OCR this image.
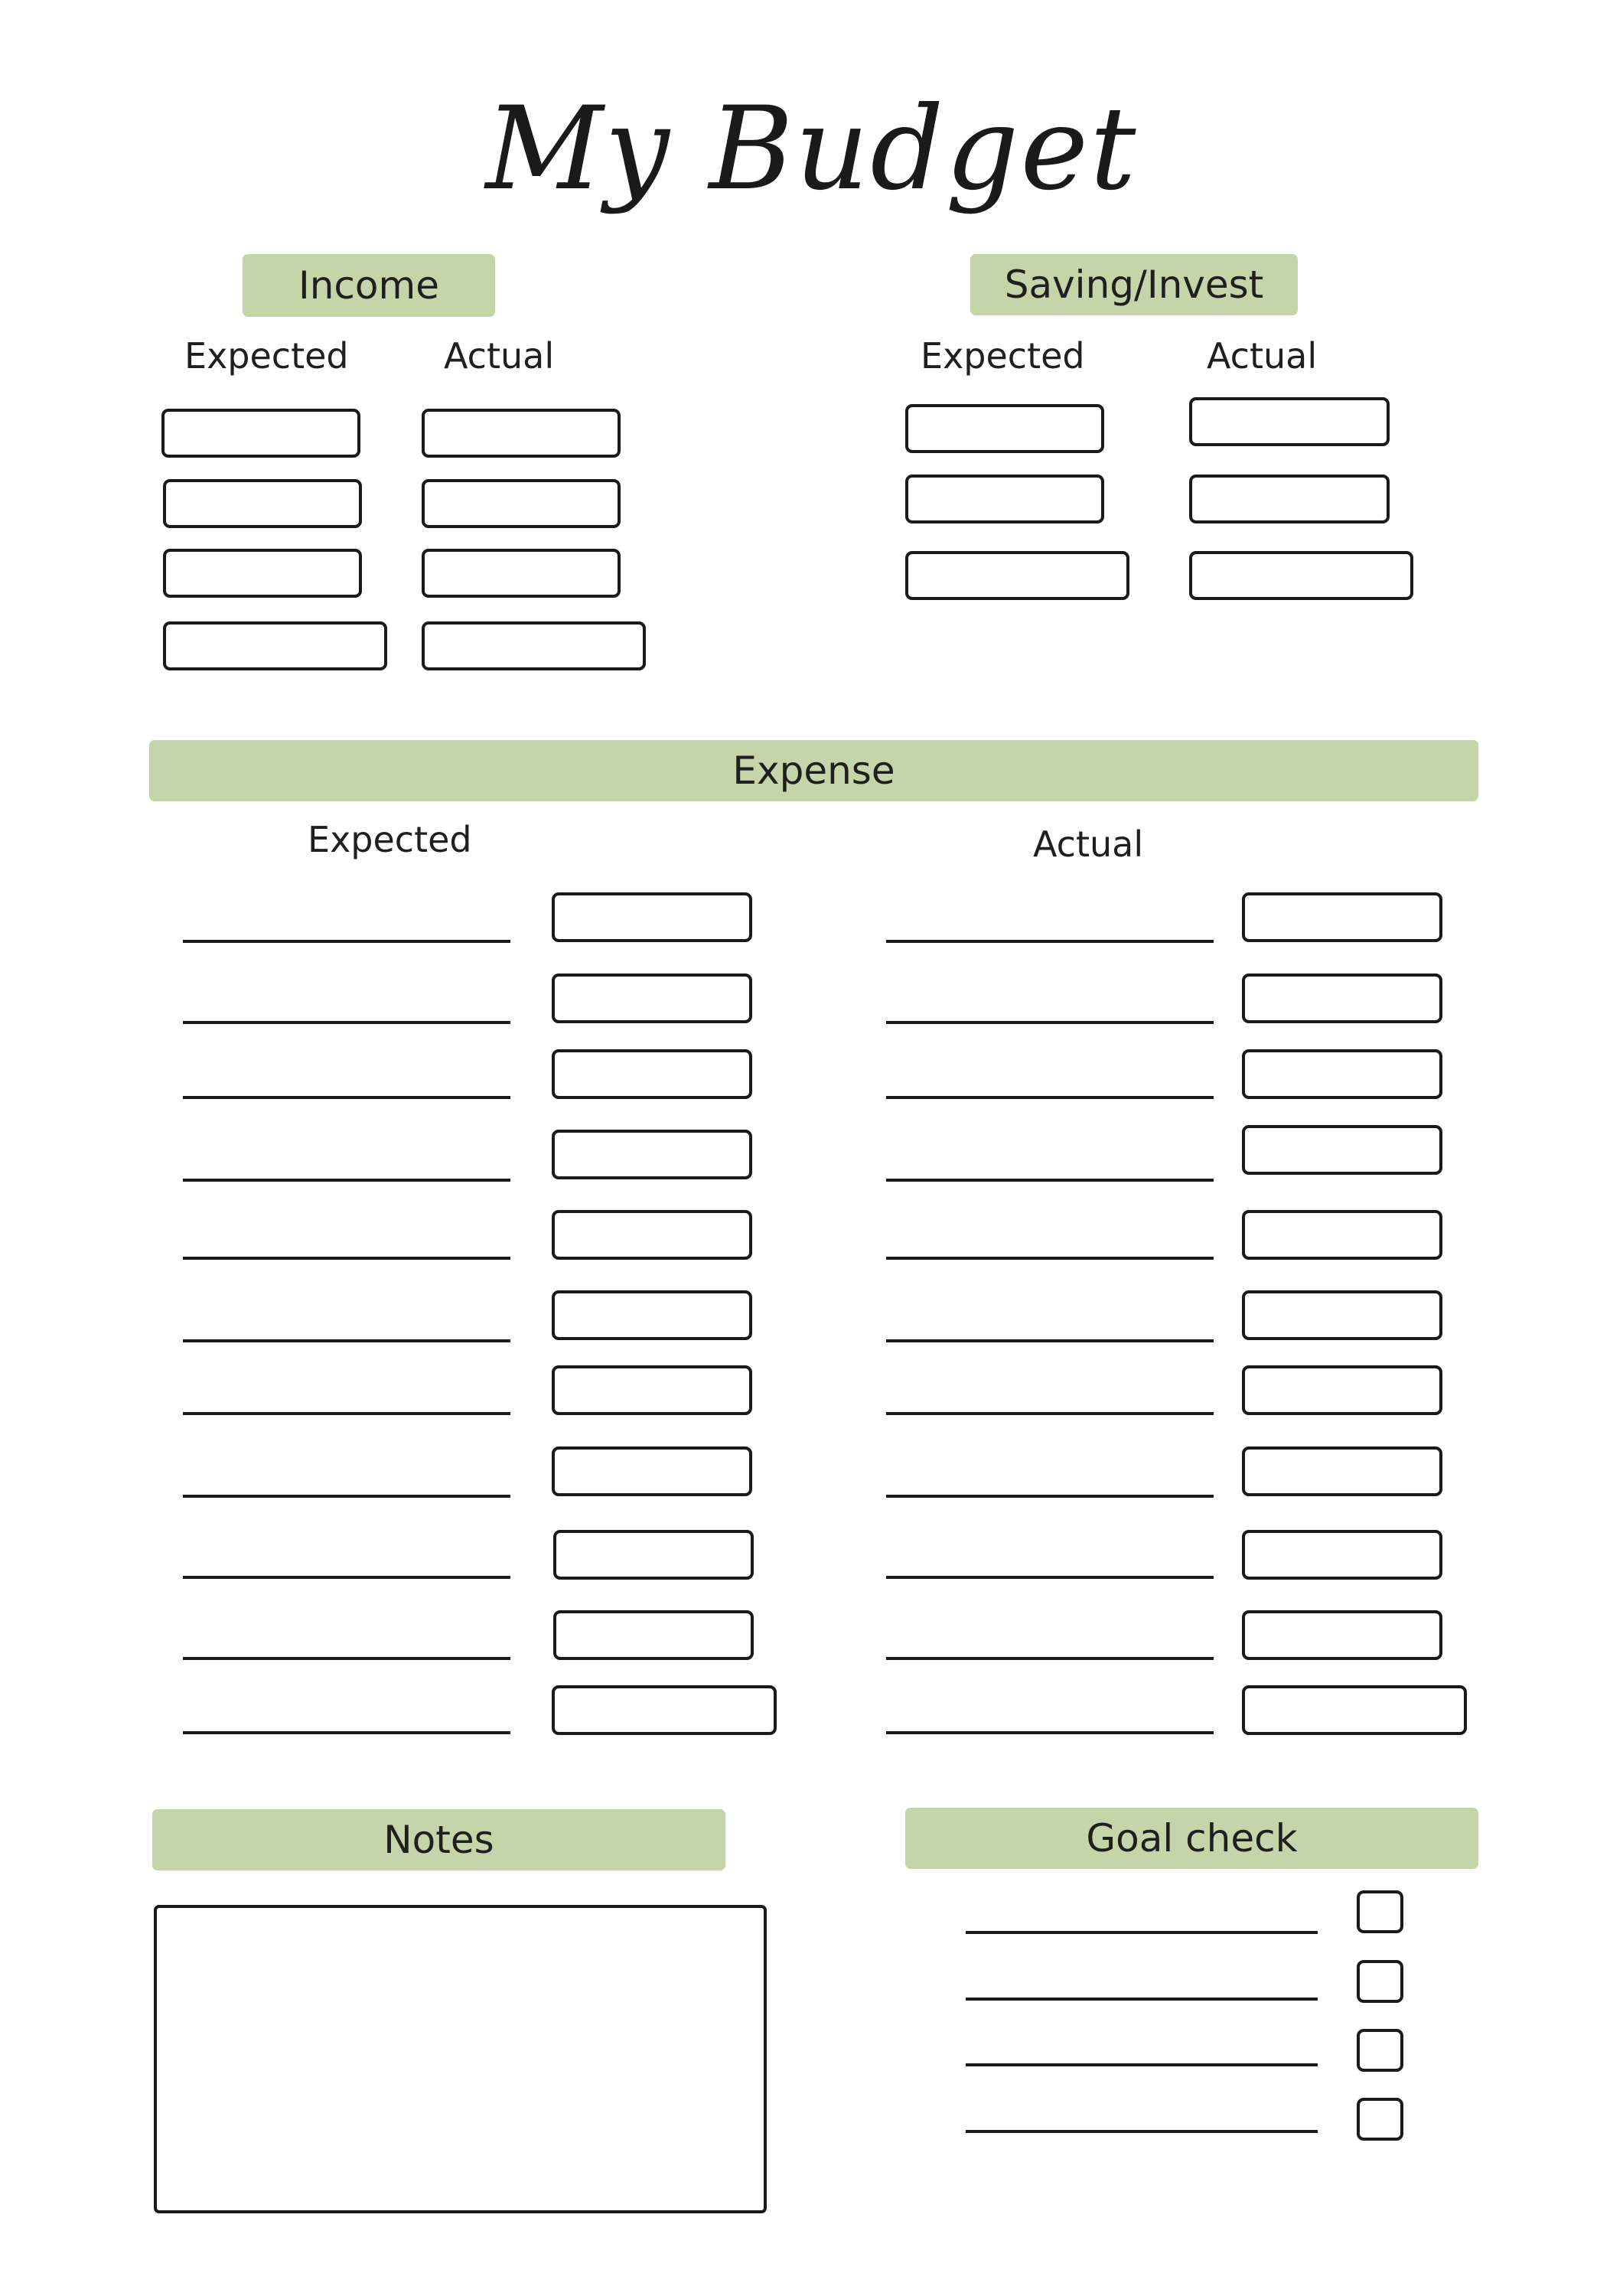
My Budget
Income
Expected	Actual
Saving/Invest
Expected	Actual
Expense
Expected	Actual
Notes	Goal check
